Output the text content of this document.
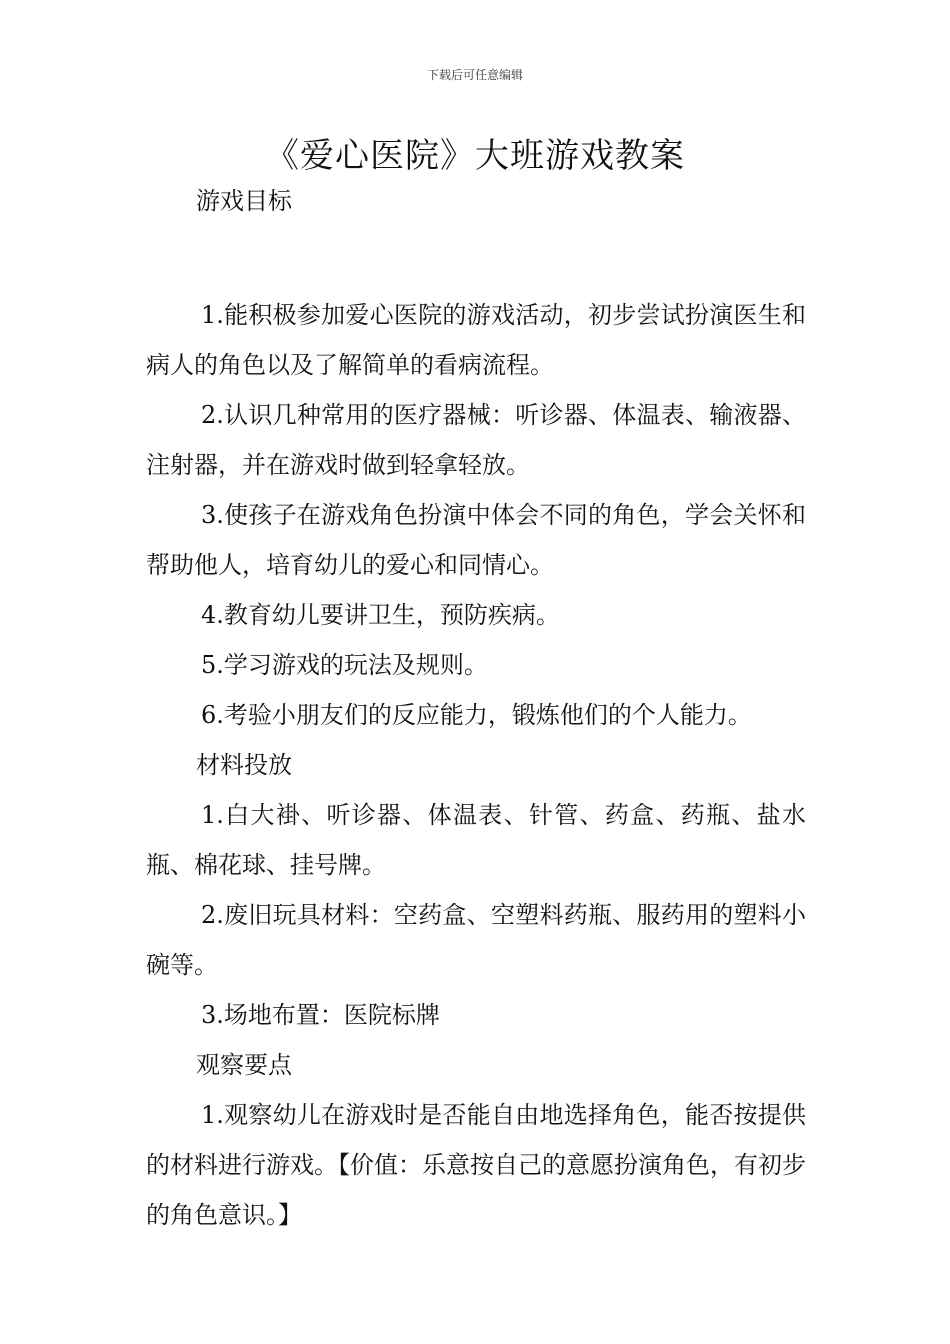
下载后可任意编辑
《爱心医院》大班游戏教案

游戏目标

1.能积极参加爱心医院的游戏活动，初步尝试扮演医生和病人的角色以及了解简单的看病流程。

2.认识几种常用的医疗器械：听诊器、体温表、输液器、注射器，并在游戏时做到轻拿轻放。

3.使孩子在游戏角色扮演中体会不同的角色，学会关怀和帮助他人，培育幼儿的爱心和同情心。

4.教育幼儿要讲卫生，预防疾病。

5.学习游戏的玩法及规则。

6.考验小朋友们的反应能力，锻炼他们的个人能力。

材料投放

1.白大褂、听诊器、体温表、针管、药盒、药瓶、盐水瓶、棉花球、挂号牌。

2.废旧玩具材料：空药盒、空塑料药瓶、服药用的塑料小碗等。

3.场地布置：医院标牌

观察要点

1.观察幼儿在游戏时是否能自由地选择角色，能否按提供的材料进行游戏。【价值：乐意按自己的意愿扮演角色，有初步的角色意识。】
